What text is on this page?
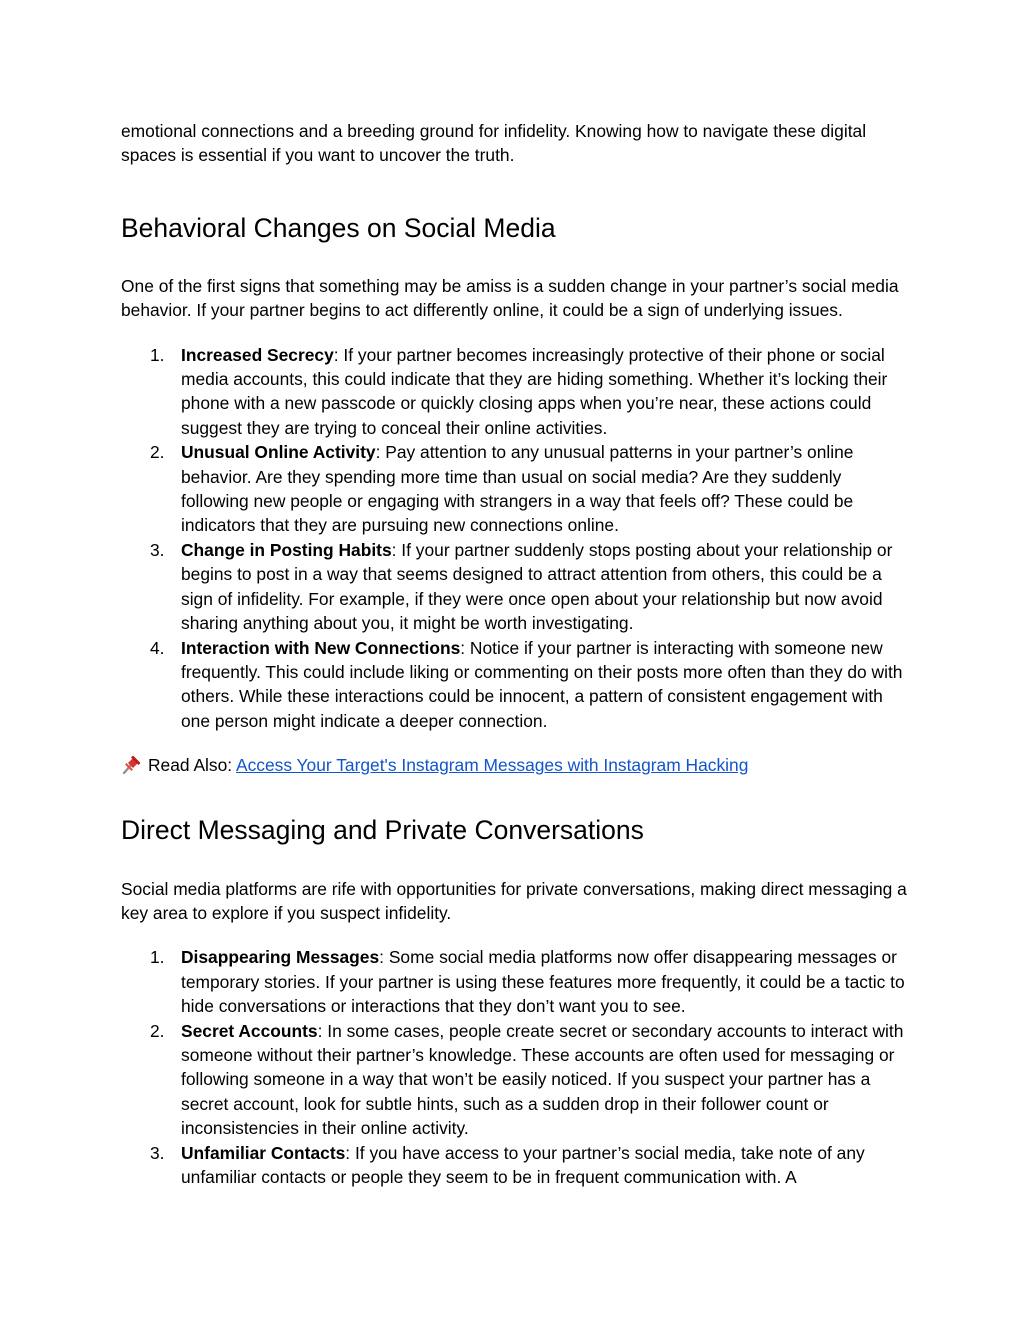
emotional connections and a breeding ground for infidelity. Knowing how to navigate these digital spaces is essential if you want to uncover the truth.

Behavioral Changes on Social Media

One of the first signs that something may be amiss is a sudden change in your partner’s social media behavior. If your partner begins to act differently online, it could be a sign of underlying issues.

1. Increased Secrecy: If your partner becomes increasingly protective of their phone or social media accounts, this could indicate that they are hiding something. Whether it’s locking their phone with a new passcode or quickly closing apps when you’re near, these actions could suggest they are trying to conceal their online activities.
2. Unusual Online Activity: Pay attention to any unusual patterns in your partner’s online behavior. Are they spending more time than usual on social media? Are they suddenly following new people or engaging with strangers in a way that feels off? These could be indicators that they are pursuing new connections online.
3. Change in Posting Habits: If your partner suddenly stops posting about your relationship or begins to post in a way that seems designed to attract attention from others, this could be a sign of infidelity. For example, if they were once open about your relationship but now avoid sharing anything about you, it might be worth investigating.
4. Interaction with New Connections: Notice if your partner is interacting with someone new frequently. This could include liking or commenting on their posts more often than they do with others. While these interactions could be innocent, a pattern of consistent engagement with one person might indicate a deeper connection.
Read Also: Access Your Target's Instagram Messages with Instagram Hacking
Direct Messaging and Private Conversations

Social media platforms are rife with opportunities for private conversations, making direct messaging a key area to explore if you suspect infidelity.

1. Disappearing Messages: Some social media platforms now offer disappearing messages or temporary stories. If your partner is using these features more frequently, it could be a tactic to hide conversations or interactions that they don’t want you to see.
2. Secret Accounts: In some cases, people create secret or secondary accounts to interact with someone without their partner’s knowledge. These accounts are often used for messaging or following someone in a way that won’t be easily noticed. If you suspect your partner has a secret account, look for subtle hints, such as a sudden drop in their follower count or inconsistencies in their online activity.
3. Unfamiliar Contacts: If you have access to your partner’s social media, take note of any unfamiliar contacts or people they seem to be in frequent communication with. A
